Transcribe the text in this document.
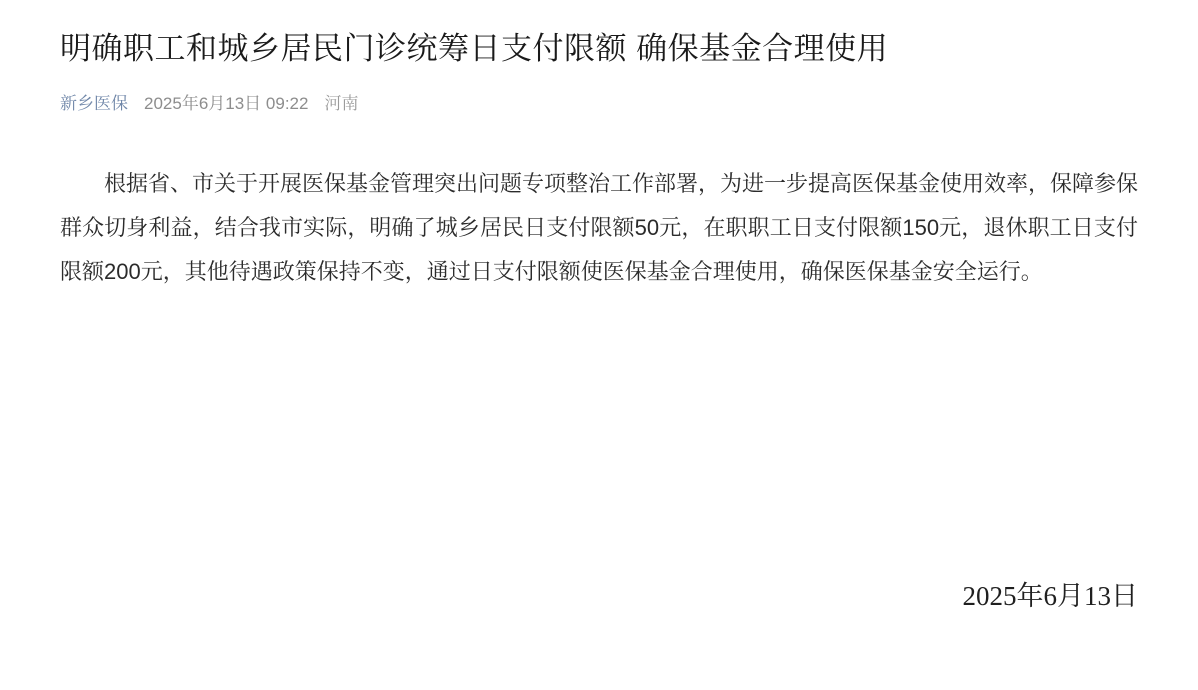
明确职工和城乡居民门诊统筹日支付限额 确保基金合理使用
新乡医保 2025年6月13日 09:22 河南

根据省、市关于开展医保基金管理突出问题专项整治工作部署，为进一步提高医保基金使用效率，保障参保群众切身利益，结合我市实际，明确了城乡居民日支付限额50元，在职职工日支付限额150元，退休职工日支付限额200元，其他待遇政策保持不变，通过日支付限额使医保基金合理使用，确保医保基金安全运行。

2025年6月13日
